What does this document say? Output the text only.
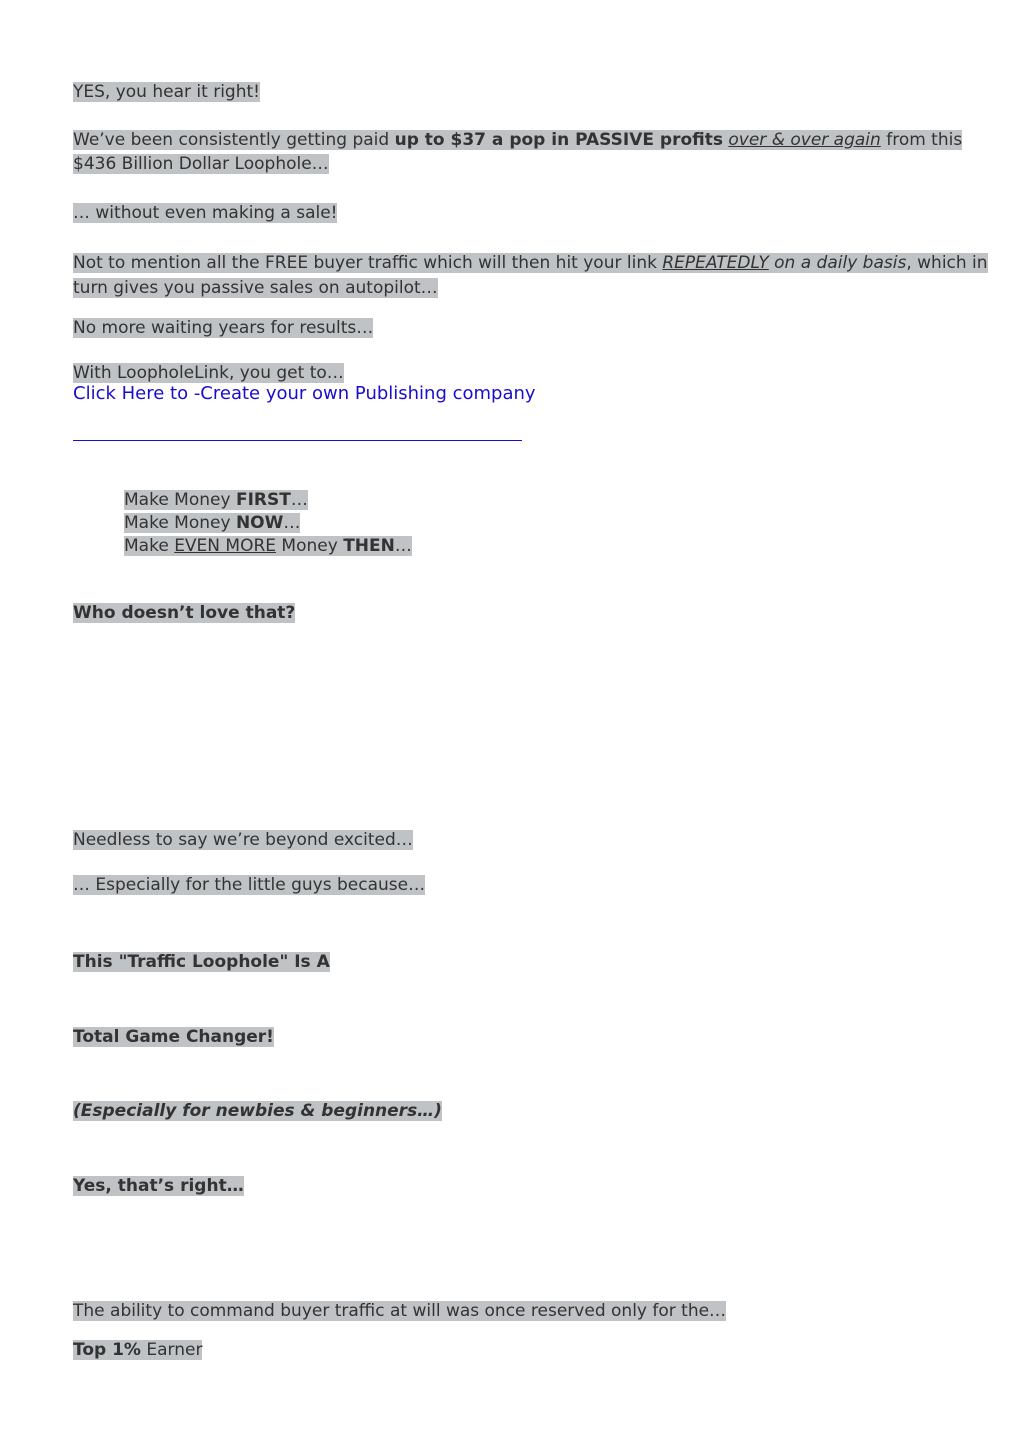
YES, you hear it right!
We’ve been consistently getting paid up to $37 a pop in PASSIVE profits over & over again from this
$436 Billion Dollar Loophole…
… without even making a sale!
Not to mention all the FREE buyer traffic which will then hit your link REPEATEDLY on a daily basis, which in
turn gives you passive sales on autopilot…
No more waiting years for results…
With LoopholeLink, you get to…
Click Here to -Create your own Publishing company
Make Money FIRST…
Make Money NOW…
Make EVEN MORE Money THEN…
Who doesn’t love that?
Needless to say we’re beyond excited…
… Especially for the little guys because…
This "Traffic Loophole" Is A
Total Game Changer!
(Especially for newbies & beginners…)
Yes, that’s right…
The ability to command buyer traffic at will was once reserved only for the…
Top 1% Earner
